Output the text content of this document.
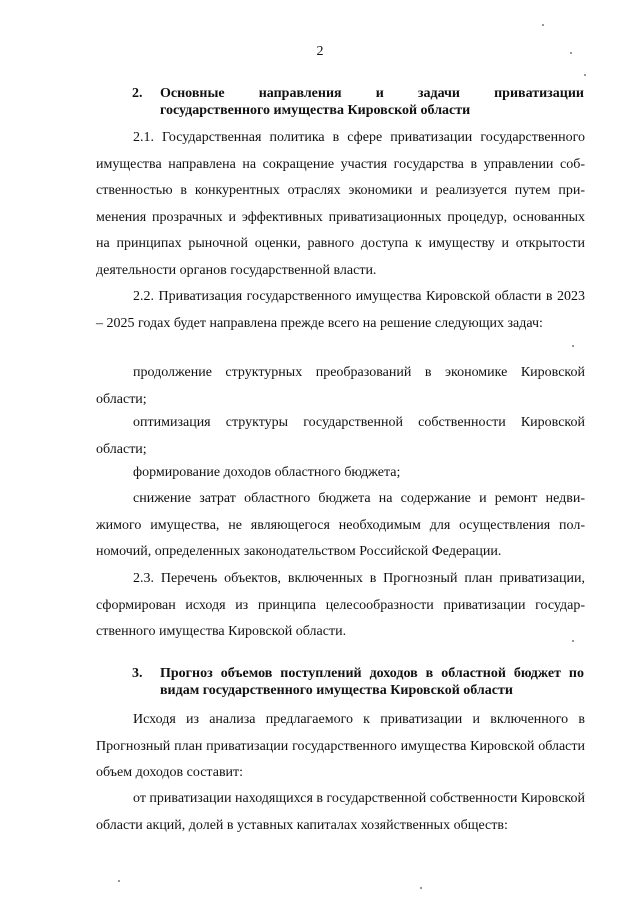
2
2. Основные направления и задачи приватизации
государственного имущества Кировской области
2.1. Государственная политика в сфере приватизации государственного имущества направлена на сокращение участия государства в управлении собственностью в конкурентных отраслях экономики и реализуется путем применения прозрачных и эффективных приватизационных процедур, основанных на принципах рыночной оценки, равного доступа к имуществу и открытости деятельности органов государственной власти.
2.2. Приватизация государственного имущества Кировской области в 2023 – 2025 годах будет направлена прежде всего на решение следующих задач:
продолжение структурных преобразований в экономике Кировской области;
оптимизация структуры государственной собственности Кировской области;
формирование доходов областного бюджета;
снижение затрат областного бюджета на содержание и ремонт недвижимого имущества, не являющегося необходимым для осуществления полномочий, определенных законодательством Российской Федерации.
2.3. Перечень объектов, включенных в Прогнозный план приватизации, сформирован исходя из принципа целесообразности приватизации государственного имущества Кировской области.
3. Прогноз объемов поступлений доходов в областной бюджет по
видам государственного имущества Кировской области
Исходя из анализа предлагаемого к приватизации и включенного в Прогнозный план приватизации государственного имущества Кировской области объем доходов составит:
от приватизации находящихся в государственной собственности Кировской области акций, долей в уставных капиталах хозяйственных обществ:
